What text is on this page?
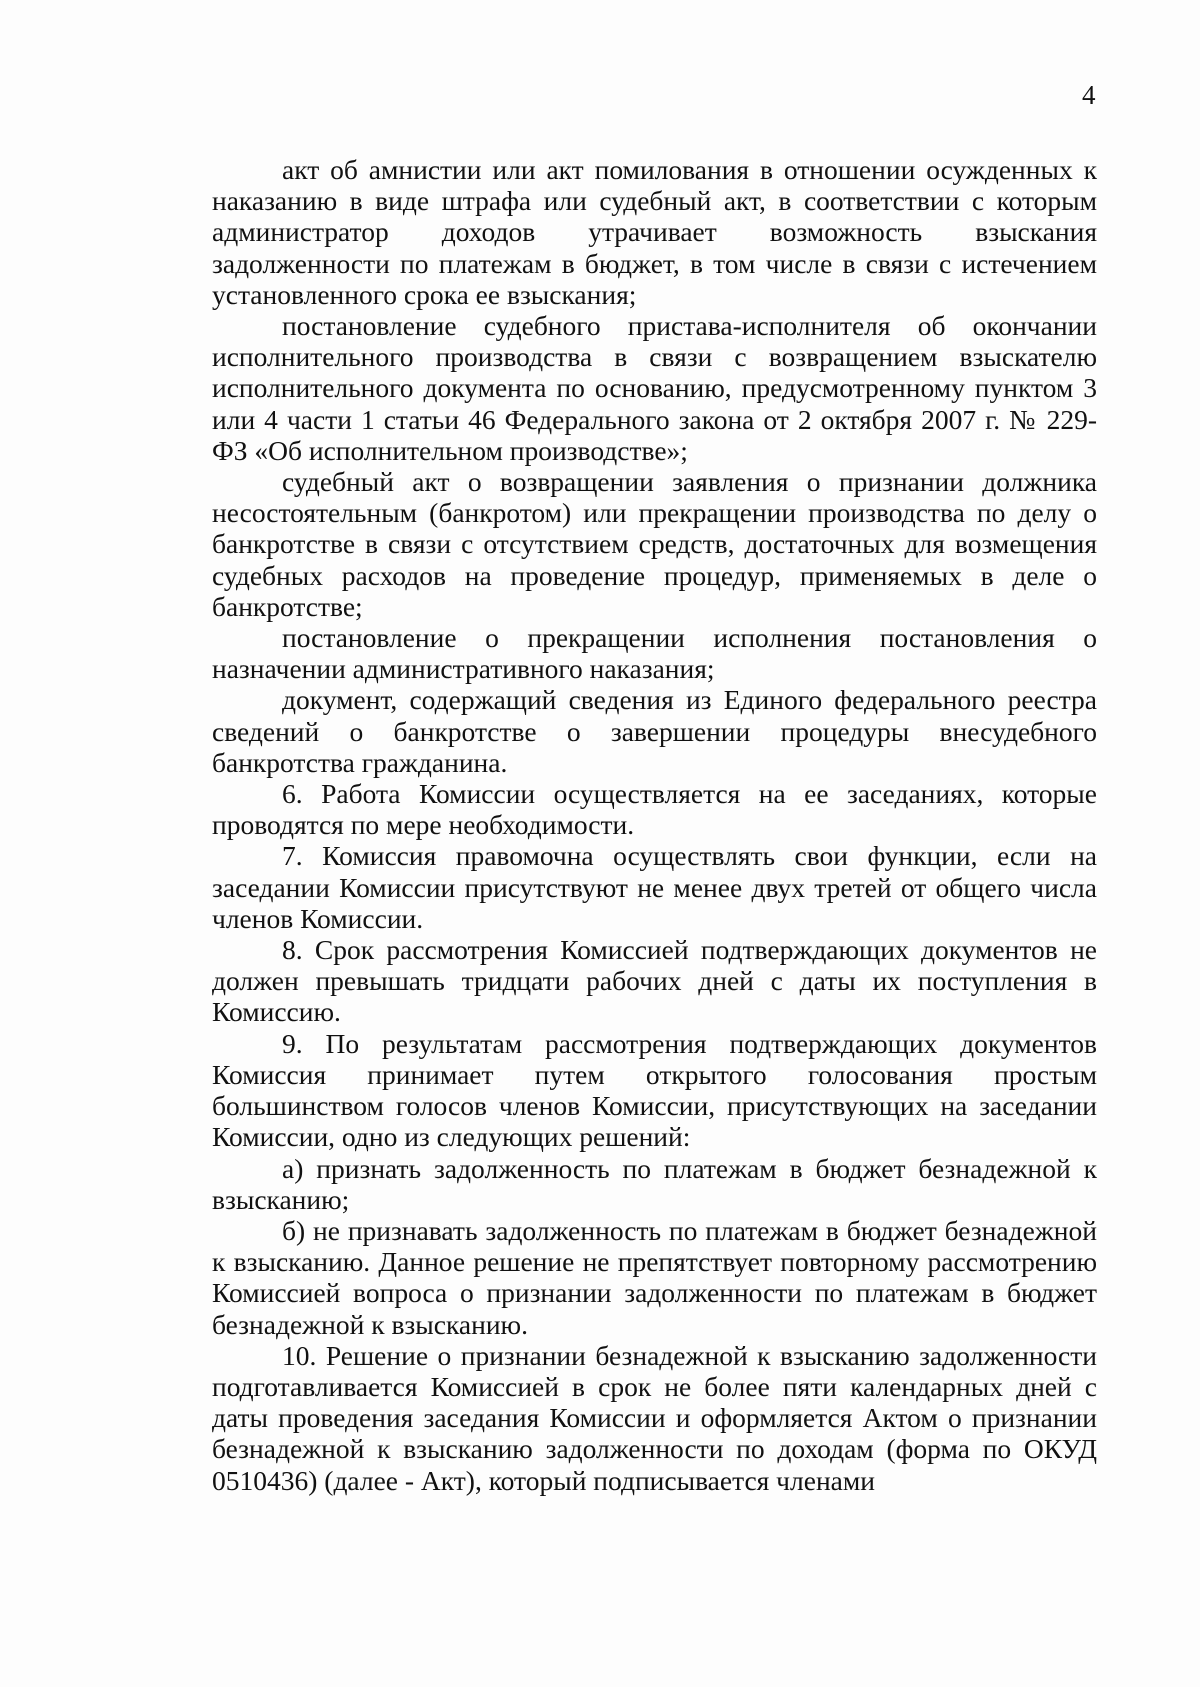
4

акт об амнистии или акт помилования в отношении осужденных к наказанию в виде штрафа или судебный акт, в соответствии с которым администратор доходов утрачивает возможность взыскания задолженности по платежам в бюджет, в том числе в связи с истечением установленного срока ее взыскания;

постановление судебного пристава-исполнителя об окончании исполнительного производства в связи с возвращением взыскателю исполнительного документа по основанию, предусмотренному пунктом 3 или 4 части 1 статьи 46 Федерального закона от 2 октября 2007 г. № 229-ФЗ «Об исполнительном производстве»;

судебный акт о возвращении заявления о признании должника несостоятельным (банкротом) или прекращении производства по делу о банкротстве в связи с отсутствием средств, достаточных для возмещения судебных расходов на проведение процедур, применяемых в деле о банкротстве;

постановление о прекращении исполнения постановления о назначении административного наказания;

документ, содержащий сведения из Единого федерального реестра сведений о банкротстве о завершении процедуры внесудебного банкротства гражданина.

6. Работа Комиссии осуществляется на ее заседаниях, которые проводятся по мере необходимости.

7. Комиссия правомочна осуществлять свои функции, если на заседании Комиссии присутствуют не менее двух третей от общего числа членов Комиссии.

8. Срок рассмотрения Комиссией подтверждающих документов не должен превышать тридцати рабочих дней с даты их поступления в Комиссию.

9. По результатам рассмотрения подтверждающих документов Комиссия принимает путем открытого голосования простым большинством голосов членов Комиссии, присутствующих на заседании Комиссии, одно из следующих решений:

а) признать задолженность по платежам в бюджет безнадежной к взысканию;

б) не признавать задолженность по платежам в бюджет безнадежной к взысканию. Данное решение не препятствует повторному рассмотрению Комиссией вопроса о признании задолженности по платежам в бюджет безнадежной к взысканию.

10. Решение о признании безнадежной к взысканию задолженности подготавливается Комиссией в срок не более пяти календарных дней с даты проведения заседания Комиссии и оформляется Актом о признании безнадежной к взысканию задолженности по доходам (форма по ОКУД 0510436) (далее - Акт), который подписывается членами
